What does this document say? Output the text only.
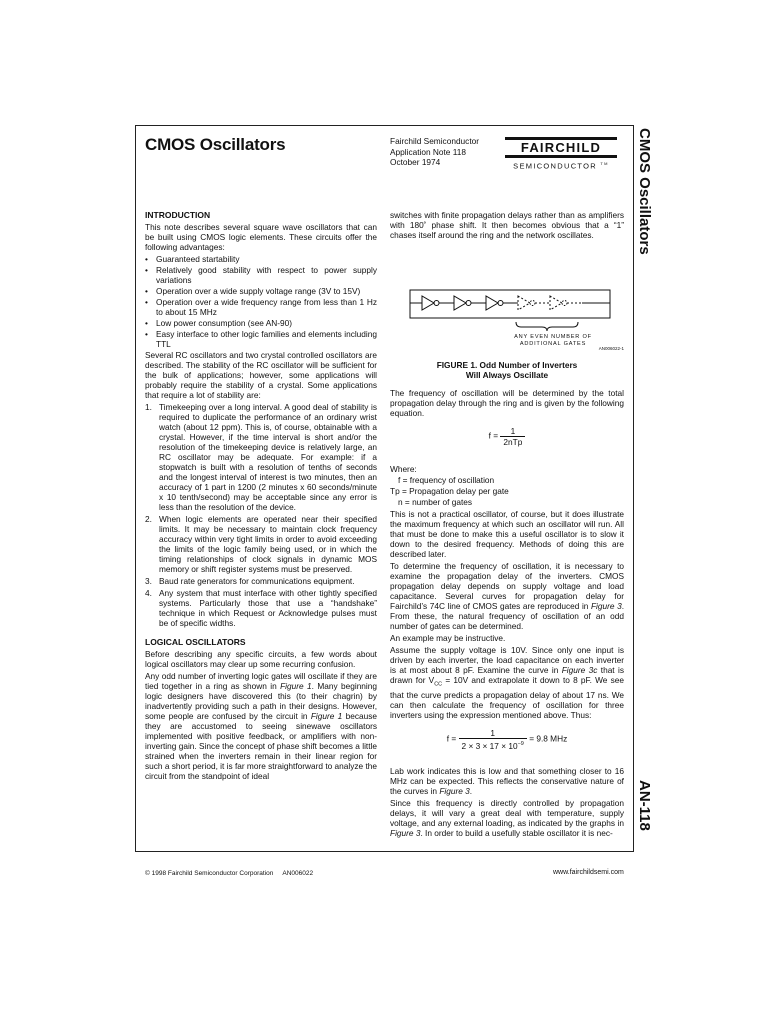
CMOS Oscillators	Fairchild Semiconductor
Application Note 118
October 1974
FAIRCHILD
SEMICONDUCTOR ™	CMOS Oscillators
AN-118
INTRODUCTION

This note describes several square wave oscillators that can be built using CMOS logic elements. These circuits offer the following advantages:

• Guaranteed startability
• Relatively good stability with respect to power supply variations
• Operation over a wide supply voltage range (3V to 15V)
• Operation over a wide frequency range from less than 1 Hz to about 15 MHz
• Low power consumption (see AN-90)
• Easy interface to other logic families and elements including TTL

Several RC oscillators and two crystal controlled oscillators are described. The stability of the RC oscillator will be sufficient for the bulk of applications; however, some applications will probably require the stability of a crystal. Some applications that require a lot of stability are:

1. Timekeeping over a long interval. A good deal of stability is required to duplicate the performance of an ordinary wrist watch (about 12 ppm). This is, of course, obtainable with a crystal. However, if the time interval is short and/or the resolution of the timekeeping device is relatively large, an RC oscillator may be adequate. For example: if a stopwatch is built with a resolution of tenths of seconds and the longest interval of interest is two minutes, then an accuracy of 1 part in 1200 (2 minutes x 60 seconds/minute x 10 tenth/second) may be acceptable since any error is less than the resolution of the device.
2. When logic elements are operated near their specified limits. It may be necessary to maintain clock frequency accuracy within very tight limits in order to avoid exceeding the limits of the logic family being used, or in which the timing relationships of clock signals in dynamic MOS memory or shift register systems must be preserved.
3. Baud rate generators for communications equipment.
4. Any system that must interface with other tightly specified systems. Particularly those that use a “handshake” technique in which Request or Acknowledge pulses must be of specific widths.
LOGICAL OSCILLATORS

Before describing any specific circuits, a few words about logical oscillators may clear up some recurring confusion.

Any odd number of inverting logic gates will oscillate if they are tied together in a ring as shown in Figure 1. Many beginning logic designers have discovered this (to their chagrin) by inadvertently providing such a path in their designs. However, some people are confused by the circuit in Figure 1 because they are accustomed to seeing sinewave oscillators implemented with positive feedback, or amplifiers with non-inverting gain. Since the concept of phase shift becomes a little strained when the inverters remain in their linear region for such a short period, it is far more straightforward to analyze the circuit from the standpoint of ideal

switches with finite propagation delays rather than as amplifiers with 180˚ phase shift. It then becomes obvious that a “1” chases itself around the ring and the network oscillates.

ANY EVEN NUMBER OF
ADDITIONAL GATES
AN006022-1
FIGURE 1. Odd Number of Inverters
Will Always Oscillate

The frequency of oscillation will be determined by the total propagation delay through the ring and is given by the following equation.

$f = \frac{1}{\text{2nTp}}$
Where:
f = frequency of oscillation
Tp = Propagation delay per gate
n = number of gates

This is not a practical oscillator, of course, but it does illustrate the maximum frequency at which such an oscillator will run. All that must be done to make this a useful oscillator is to slow it down to the desired frequency. Methods of doing this are described later.

To determine the frequency of oscillation, it is necessary to examine the propagation delay of the inverters. CMOS propagation delay depends on supply voltage and load capacitance. Several curves for propagation delay for Fairchild’s 74C line of CMOS gates are reproduced in Figure 3. From these, the natural frequency of oscillation of an odd number of gates can be determined.

An example may be instructive.

Assume the supply voltage is 10V. Since only one input is driven by each inverter, the load capacitance on each inverter is at most about 8 pF. Examine the curve in Figure 3c that is drawn for $V_{CC} = 10V$ and extrapolate it down to 8 pF. We see that the curve predicts a propagation delay of about 17 ns. We can then calculate the frequency of oscillation for three inverters using the expression mentioned above. Thus:

$f = \frac{1}{2 \times 3 \times 17 \times 10^{-9}} = 9.8$ MHz

Lab work indicates this is low and that something closer to 16 MHz can be expected. This reflects the conservative nature of the curves in Figure 3.

Since this frequency is directly controlled by propagation delays, it will vary a great deal with temperature, supply voltage, and any external loading, as indicated by the graphs in Figure 3. In order to build a usefully stable oscillator it is nec-

© 1998 Fairchild Semiconductor Corporation AN006022	www.fairchildsemi.com
